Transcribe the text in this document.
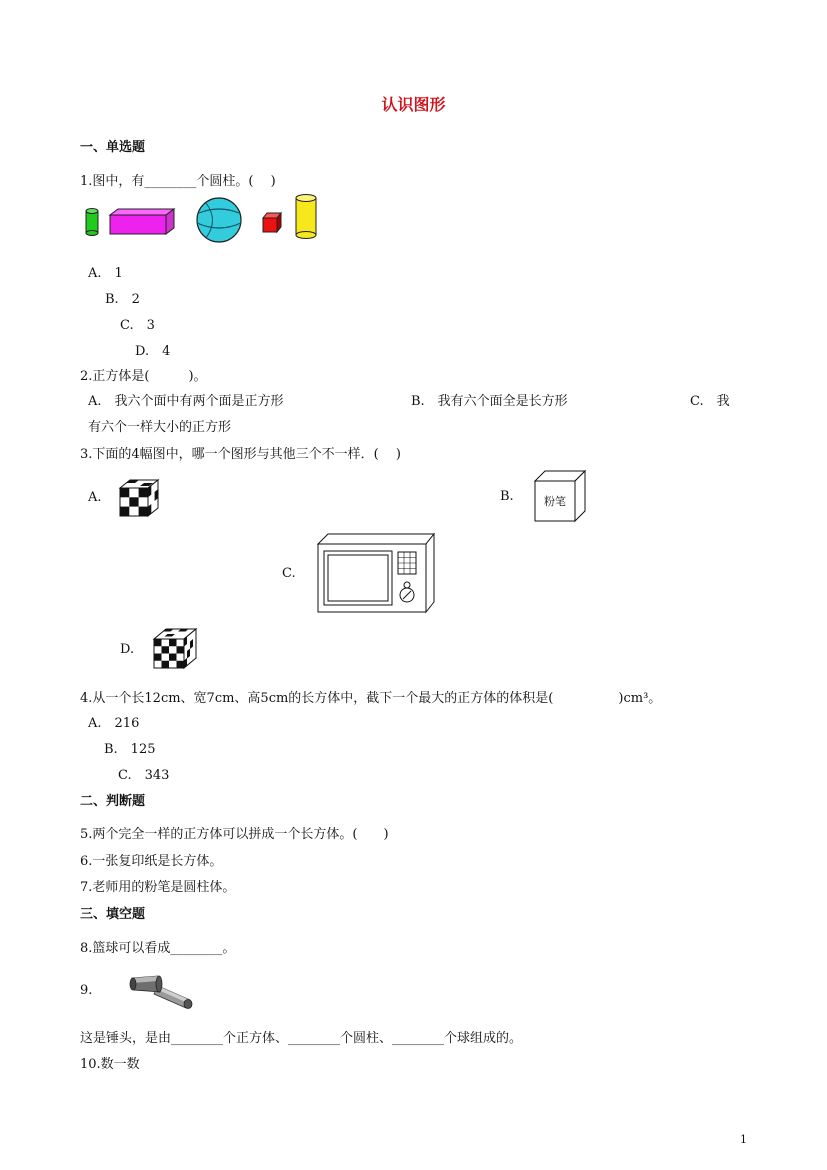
认识图形
一、单选题
1.图中，有________个圆柱。(　 )
A.　1
B.　2
C.　3
D.　4
2.正方体是(　　　)。
A.　我六个面中有两个面是正方形	B.　我有六个面全是长方形	C.　我
有六个一样大小的正方形
3.下面的4幅图中，哪一个图形与其他三个不一样．(　 )
A.	B.	粉笔
C.
D.
4.从一个长12cm、宽7cm、高5cm的长方体中，截下一个最大的正方体的体积是(　　　　　)cm³。
A.　216
B.　125
C.　343
二、判断题
5.两个完全一样的正方体可以拼成一个长方体。(　　)
6.一张复印纸是长方体。
7.老师用的粉笔是圆柱体。
三、填空题
8.篮球可以看成________。
9.
这是锤头，是由________个正方体、________个圆柱、________个球组成的。
10.数一数
1
